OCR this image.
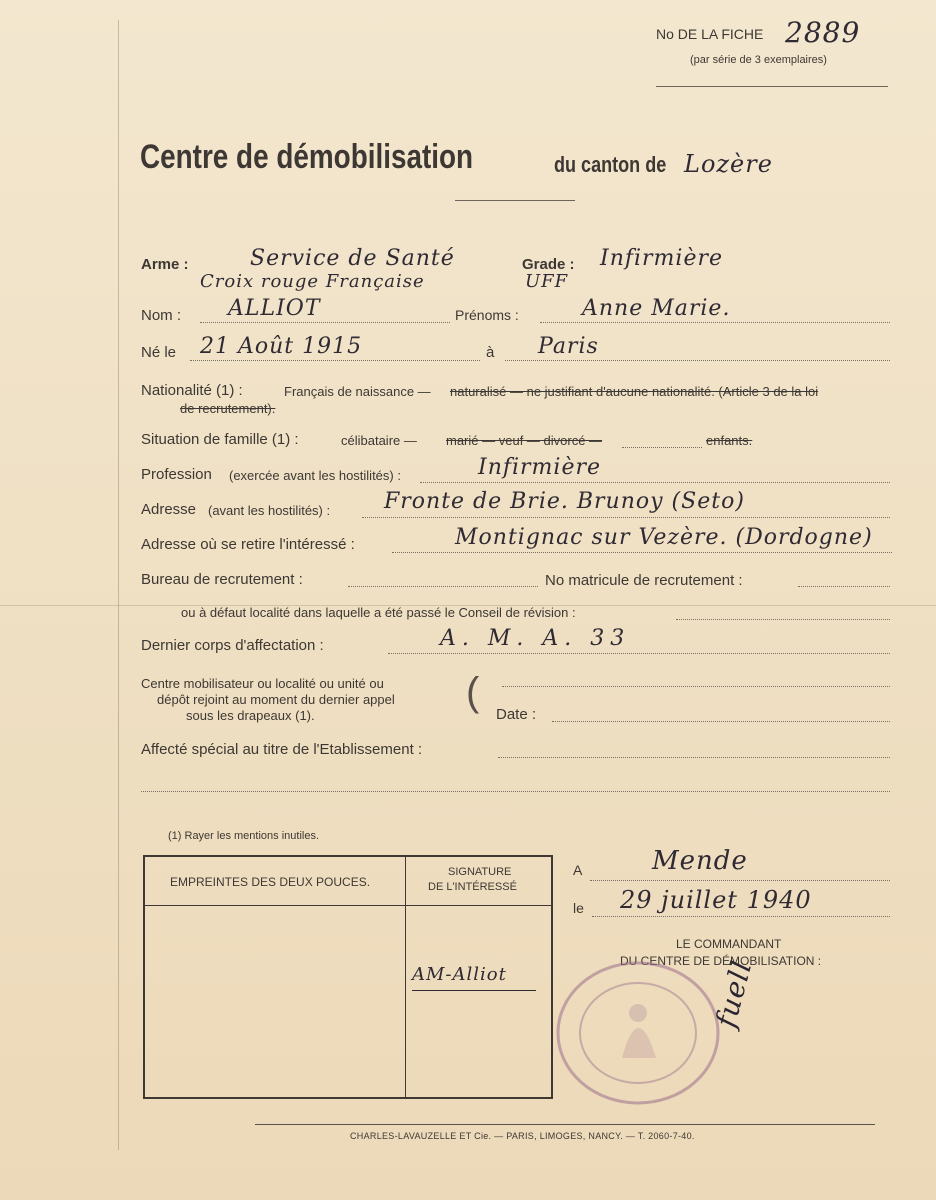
No DE LA FICHE 2889
(par série de 3 exemplaires)
Centre de démobilisation	du canton de Lozère
Arme :	Service de Santé
Croix rouge Française
Grade : Infirmière
UFF
Nom : ALLIOT	Prénoms :	Anne Marie.
Né le 21 Août 1915	à Paris
Nationalité (1) :	Français de naissance — naturalisé — ne justifiant d'aucune nationalité. (Article 3 de la loi
de recrutement).
Situation de famille (1) :	célibataire — marié — veuf — divorcé —	enfants.
Profession (exercée avant les hostilités) :	Infirmière
Adresse (avant les hostilités) : Fronte de Brie. Brunoy (Seto)
Adresse où se retire l'intéressé :	Montignac sur Vezère. (Dordogne)
Bureau de recrutement :	No matricule de recrutement :
ou à défaut localité dans laquelle a été passé le Conseil de révision :
Dernier corps d'affectation :	A. M. A. 33
Centre mobilisateur ou localité ou unité ou
dépôt rejoint au moment du dernier appel
sous les drapeaux (1).
(
Date :
Affecté spécial au titre de l'Etablissement :
(1) Rayer les mentions inutiles.
EMPREINTES DES DEUX POUCES.
SIGNATURE
DE L'INTÉRESSÉ
AM-Alliot
A	Mende
le 29 juillet 1940
LE COMMANDANT
DU CENTRE DE DÉMOBILISATION :
fuell
CHARLES-LAVAUZELLE ET Cie. — PARIS, LIMOGES, NANCY. — T. 2060-7-40.
